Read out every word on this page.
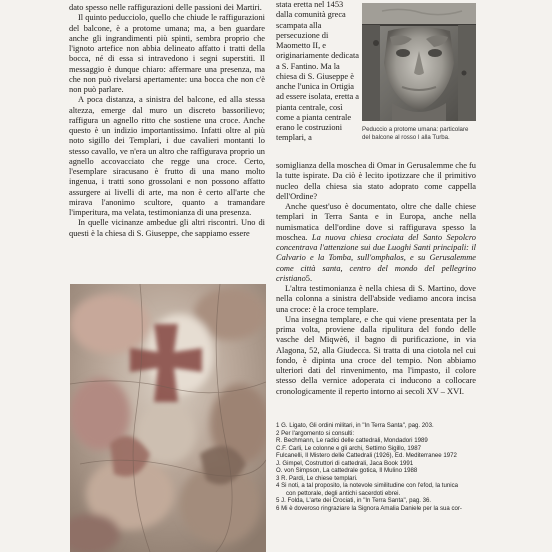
dato spesso nelle raffigurazioni delle passioni dei Martiri.

Il quinto peducciolo, quello che chiude le raffigurazioni del balcone, è a protome umana; ma, a ben guardare anche gli ingrandimenti più spinti, sembra proprio che l'ignoto artefice non abbia delineato affatto i tratti della bocca, né di essa si intravedono i segni superstiti. Il messaggio è dunque chiaro: affermare una presenza, ma che non può rivelarsi apertamente: una bocca che non c'è non può parlare.

A poca distanza, a sinistra del balcone, ed alla stessa altezza, emerge dal muro un discreto bassorilievo; raffigura un agnello ritto che sostiene una croce. Anche questo è un indizio importantissimo. Infatti oltre al più noto sigillo dei Templari, i due cavalieri montanti lo stesso cavallo, ve n'era un altro che raffigurava proprio un agnello accovacciato che regge una croce. Certo, l'esemplare siracusano è frutto di una mano molto ingenua, i tratti sono grossolani e non possono affatto assurgere ai livelli di arte, ma non è certo all'arte che mirava l'anonimo scultore, quanto a tramandare l'imperitura, ma velata, testimonianza di una presenza.

In quelle vicinanze ambedue gli altri riscontri. Uno di questi è la chiesa di S. Giuseppe, che sappiamo essere

stata eretta nel 1453 dalla comunità greca scampata alla persecuzione di Maometto II, e originariamente dedicata a S. Fantino. Ma la chiesa di S. Giuseppe è anche l'unica in Ortigia ad essere isolata, eretta a pianta centrale, così come a pianta centrale erano le costruzioni templari, a

Peduccio a protome umana: particolare del balcone al rosso I alla Turba.

somiglianza della moschea di Omar in Gerusalemme che fu la tutte ispirate. Da ciò è lecito ipotizzare che il primitivo nucleo della chiesa sia stato adoprato come cappella dell'Ordine?

Anche quest'uso è documentato, oltre che dalle chiese templari in Terra Santa e in Europa, anche nella numismatica dell'ordine dove si raffigurava spesso la moschea. La nuova chiesa crociata del Santo Sepolcro concentrava l'attenzione sui due Luoghi Santi principali: il Calvario e la Tomba, sull'omphalos, e su Gerusalemme come città santa, centro del mondo del pellegrino cristiano5.

L'altra testimonianza è nella chiesa di S. Martino, dove nella colonna a sinistra dell'abside vediamo ancora incisa una croce: è la croce templare.

Una insegna templare, e che qui viene presentata per la prima volta, proviene dalla ripulitura del fondo delle vasche del Miqwè6, il bagno di purificazione, in via Alagona, 52, alla Giudecca. Si tratta di una ciotola nel cui fondo, è dipinta una croce del tempio. Non abbiamo ulteriori dati del rinvenimento, ma l'impasto, il colore stesso della vernice adoperata ci inducono a collocare cronologicamente il reperto intorno ai secoli XV – XVI.

1 G. Ligato, Gli ordini militari, in "In Terra Santa", pag. 203.
2 Per l'argomento si consulti:
R. Bechmann, Le radici delle cattedrali, Mondadori 1989
C.F. Carli, Le colonne e gli archi, Settimo Sigillo, 1987
Fulcanelli, Il Mistero delle Cattedrali (1926), Ed. Mediterranee 1972
J. Gimpel, Costruttori di cattedrali, Jaca Book 1991
O. von Simpson, La cattedrale gotica, Il Mulino 1988
3 R. Pardi, Le chiese templari.
4 Si noti, a tal proposito, la notevole similitudine con l'efod, la tunica
con pettorale, degli antichi sacerdoti ebrei.
5 J. Folda, L'arte dei Crociati, in "In Terra Santa", pag. 36.
6 Mi è doveroso ringraziare la Signora Amalia Daniele per la sua cor-
